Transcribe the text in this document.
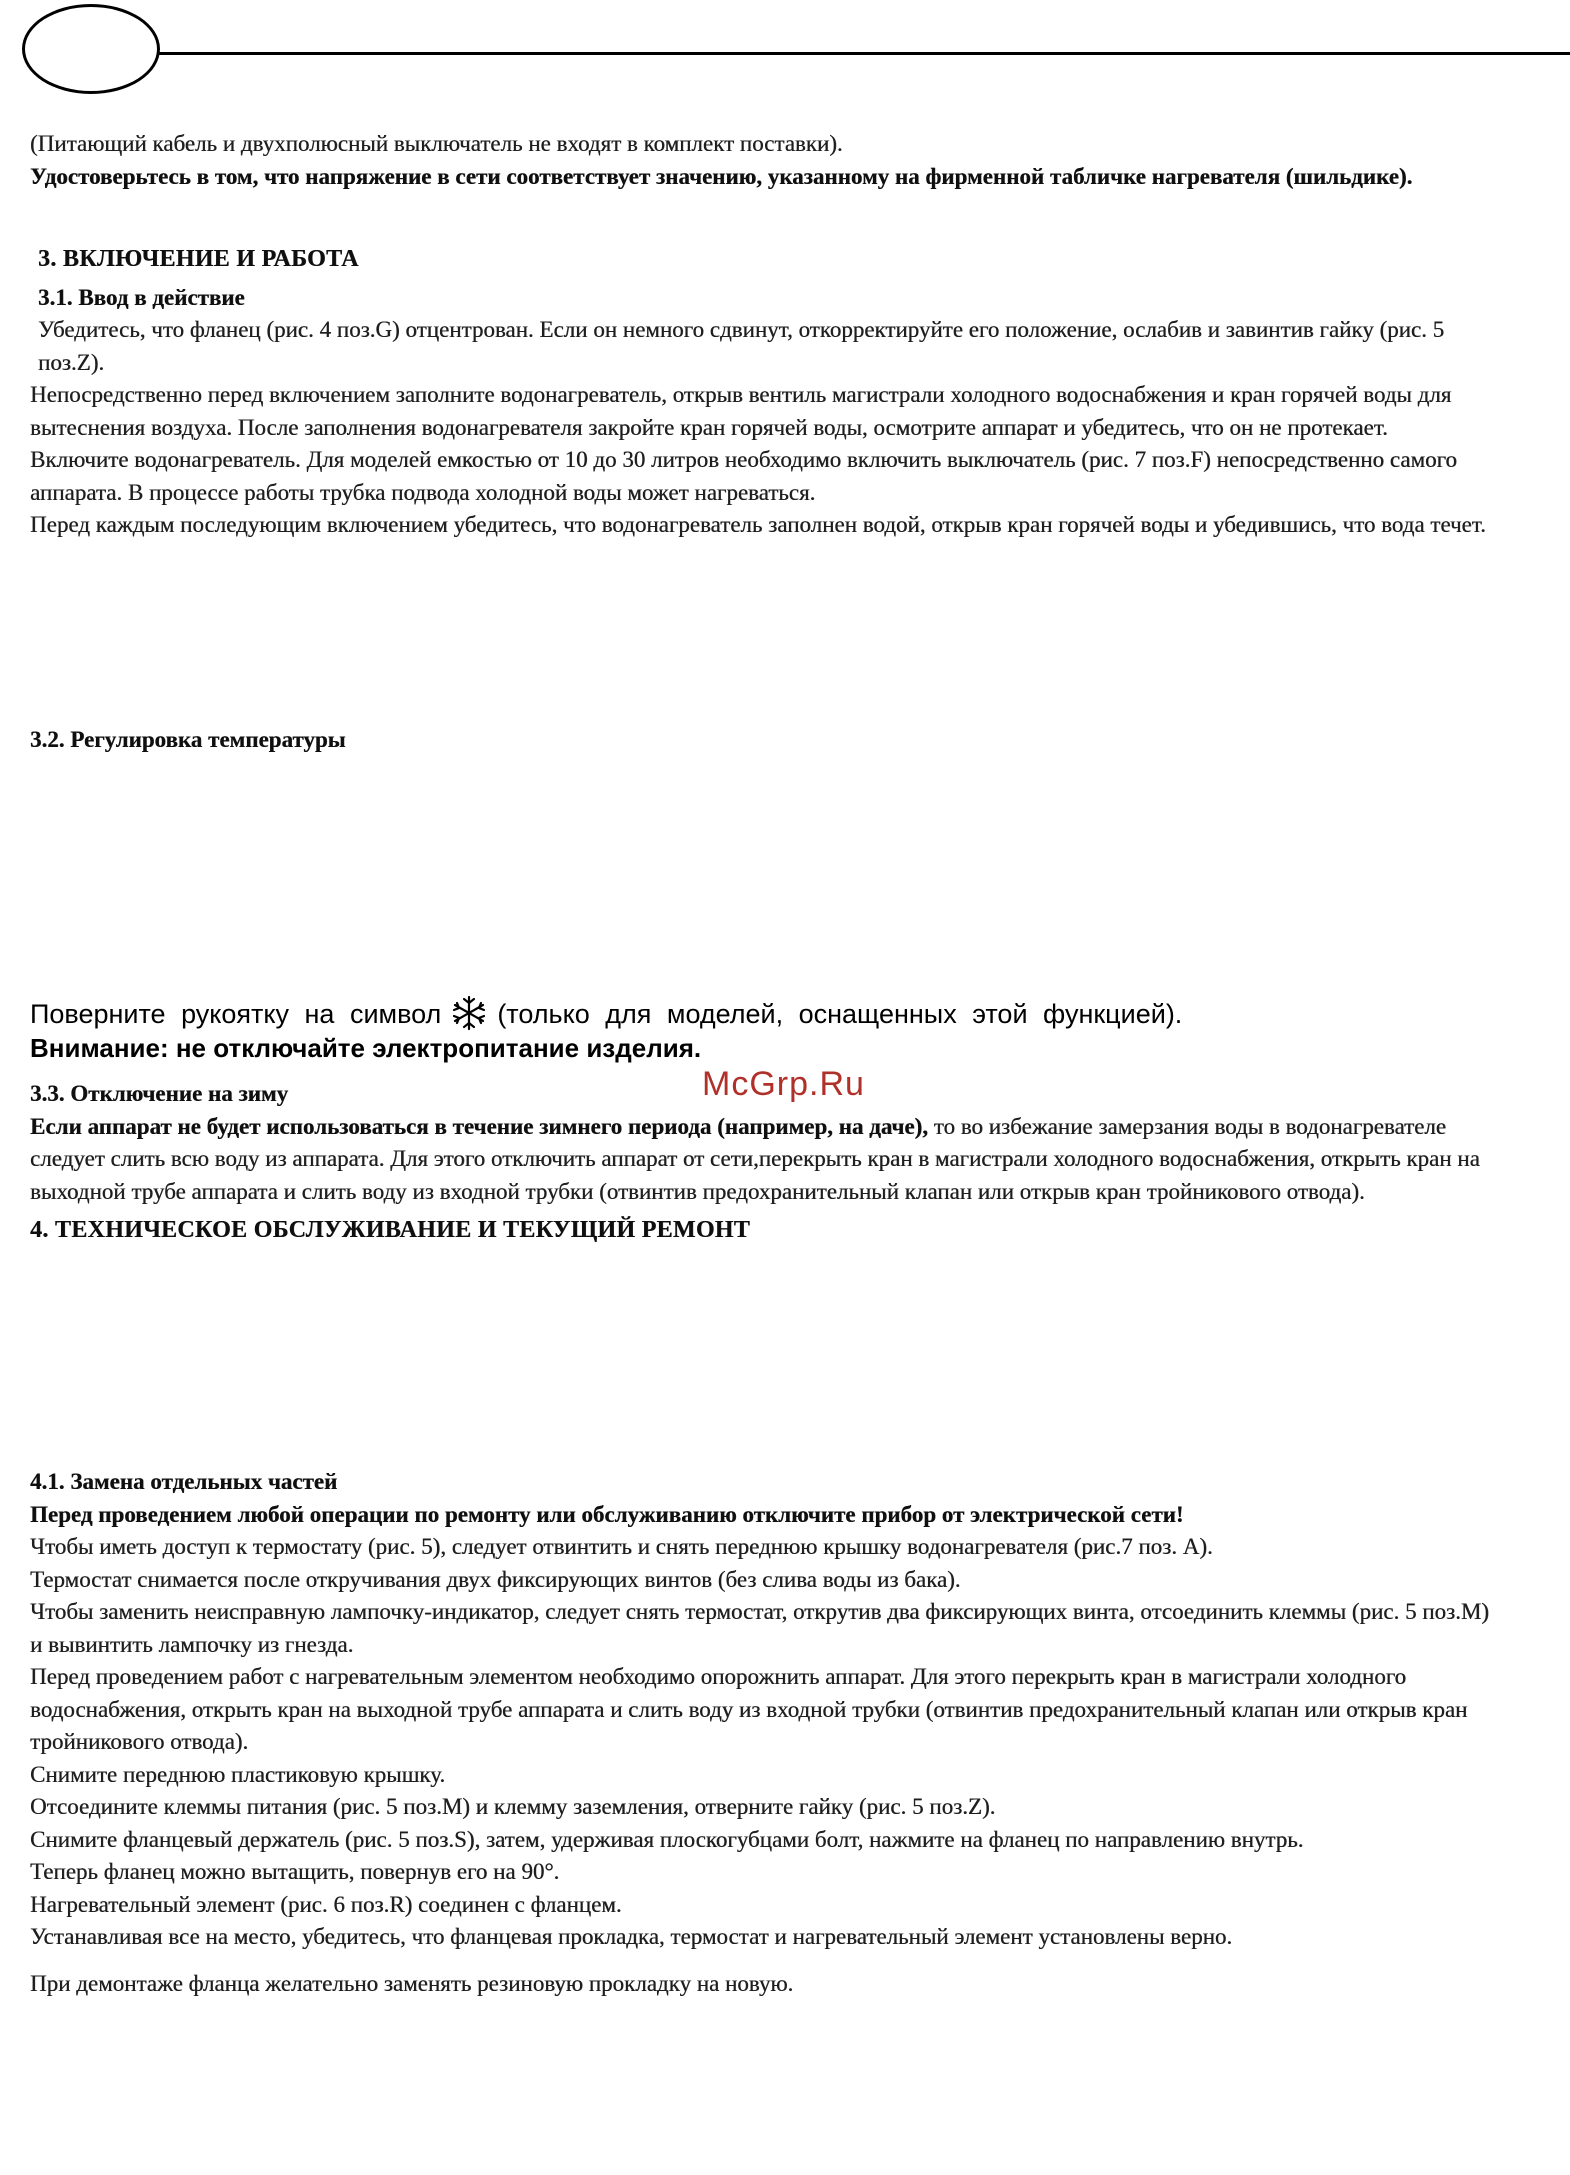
(Питающий кабель и двухполюсный выключатель не входят в комплект поставки).

Удостоверьтесь в том, что напряжение в сети соответствует значению, указанному на фирменной табличке нагревателя (шильдике).

3. ВКЛЮЧЕНИЕ И РАБОТА

3.1. Ввод в действие

Убедитесь, что фланец (рис. 4 поз.G) отцентрован. Если он немного сдвинут, откорректируйте его положение, ослабив и завинтив гайку (рис. 5 поз.Z).

Непосредственно перед включением заполните водонагреватель, открыв вентиль магистрали холодного водоснабжения и кран горячей воды для вытеснения воздуха. После заполнения водонагревателя закройте кран горячей воды, осмотрите аппарат и убедитесь, что он не протекает. Включите водонагреватель. Для моделей емкостью от 10 до 30 литров необходимо включить выключатель (рис. 7 поз.F) непосредственно самого аппарата. В процессе работы трубка подвода холодной воды может нагреваться.

Перед каждым последующим включением убедитесь, что водонагреватель заполнен водой, открыв кран горячей воды и убедившись, что вода течет.

3.2. Регулировка температуры

Поверните рукоятку на символ (только для моделей, оснащенных этой функцией).
Внимание: не отключайте электропитание изделия.
McGrp.Ru

3.3. Отключение на зиму

Если аппарат не будет использоваться в течение зимнего периода (например, на даче), то во избежание замерзания воды в водонагревателе следует слить всю воду из аппарата. Для этого отключить аппарат от сети,перекрыть кран в магистрали холодного водоснабжения, открыть кран на выходной трубе аппарата и слить воду из входной трубки (отвинтив предохранительный клапан или открыв кран тройникового отвода).

4. ТЕХНИЧЕСКОЕ ОБСЛУЖИВАНИЕ И ТЕКУЩИЙ РЕМОНТ

4.1. Замена отдельных частей

Перед проведением любой операции по ремонту или обслуживанию отключите прибор от электрической сети!

Чтобы иметь доступ к термостату (рис. 5), следует отвинтить и снять переднюю крышку водонагревателя (рис.7 поз. А).

Термостат снимается после откручивания двух фиксирующих винтов (без слива воды из бака).

Чтобы заменить неисправную лампочку-индикатор, следует снять термостат, открутив два фиксирующих винта, отсоединить клеммы (рис. 5 поз.М) и вывинтить лампочку из гнезда.

Перед проведением работ с нагревательным элементом необходимо опорожнить аппарат. Для этого перекрыть кран в магистрали холодного водоснабжения, открыть кран на выходной трубе аппарата и слить воду из входной трубки (отвинтив предохранительный клапан или открыв кран тройникового отвода).

Снимите переднюю пластиковую крышку.

Отсоедините клеммы питания (рис. 5 поз.М) и клемму заземления, отверните гайку (рис. 5 поз.Z).

Снимите фланцевый держатель (рис. 5 поз.S), затем, удерживая плоскогубцами болт, нажмите на фланец по направлению внутрь.

Теперь фланец можно вытащить, повернув его на 90°.

Нагревательный элемент (рис. 6 поз.R) соединен с фланцем.

Устанавливая все на место, убедитесь, что фланцевая прокладка, термостат и нагревательный элемент установлены верно.

При демонтаже фланца желательно заменять резиновую прокладку на новую.
